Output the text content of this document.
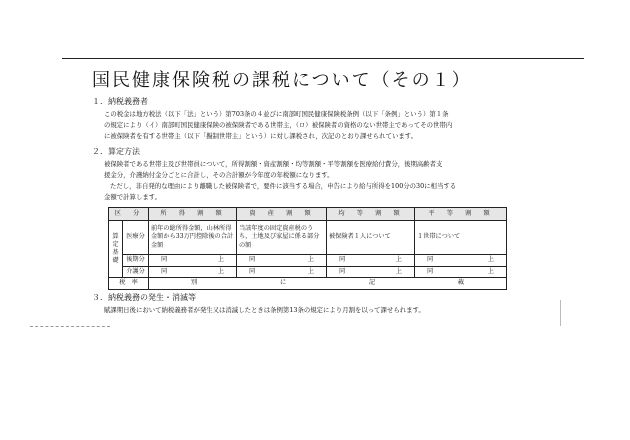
国民健康保険税の課税について（その１）
１．納税義務者
この税金は地方税法（以下「法」という）第703条の４並びに南部町国民健康保険税条例（以下「条例」という）第１条
の規定により（イ）南部町国民健康保険の被保険者である世帯主，（ロ）被保険者の資格のない世帯主であってその世帯内
に被保険者を有する世帯主（以下「擬制世帯主」という）に対し課税され，次記のとおり課せられています。
２．算定方法
被保険者である世帯主及び世帯員について，所得割額・資産割額・均等割額・平等割額を医療給付費分，後期高齢者支
援金分，介護納付金分ごとに合計し，その合計額が今年度の年税額になります。
ただし，非自発的な理由により離職した被保険者で，要件に該当する場合，申告により給与所得を100分の30に相当する
金額で計算します。
区　分		所　得　割　額	資　産　割　額	均　等　割　額	平　等　割　額

算
定
基
礎	医療分	前年の総所得金額，山林所得金額から33万円控除後の合計金額	当該年度の固定資産税のうち，土地及び家屋に係る部分の額	被保険者１人について	１世帯について
	後期分	同 上	同 上	同 上	同 上

	介護分	同 上	同 上	同 上	同 上

税　率		別 に 記 載			
３．納税義務の発生・消滅等
賦課期日後において納税義務者が発生又は消滅したときは条例第13条の規定により月割を以って課せられます。
